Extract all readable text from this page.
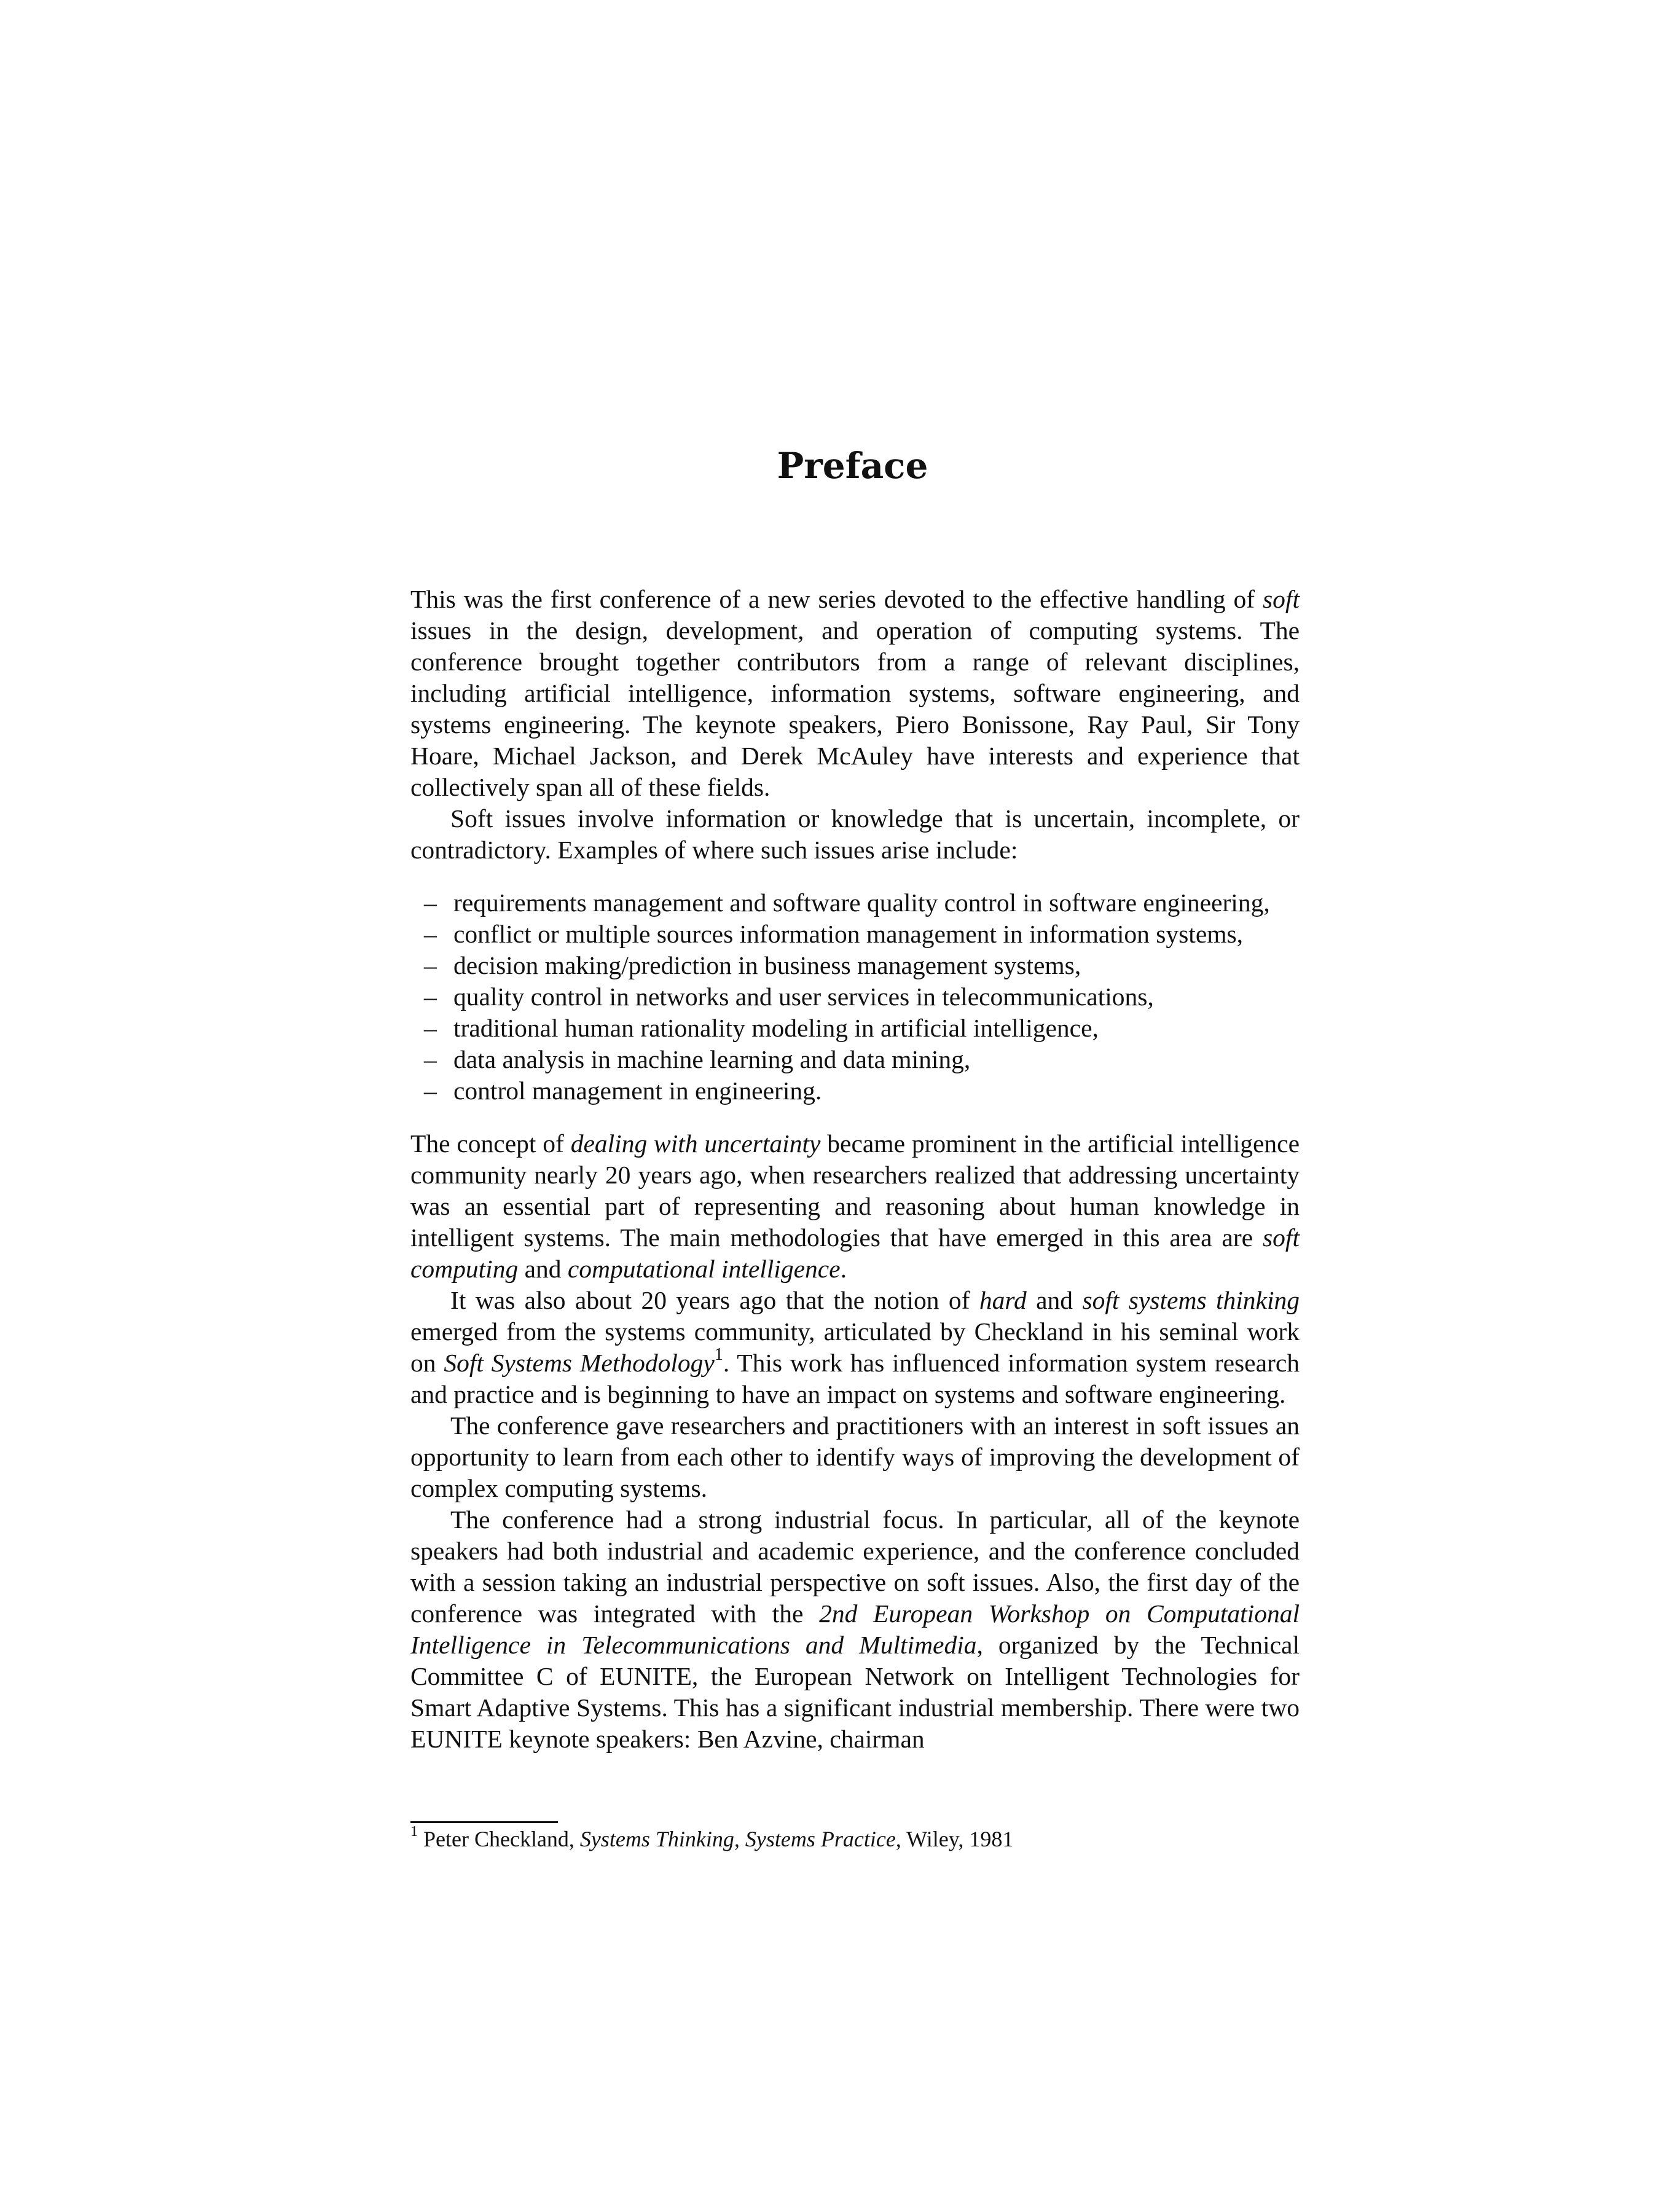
Preface

This was the first conference of a new series devoted to the effective handling of soft issues in the design, development, and operation of computing systems. The conference brought together contributors from a range of relevant disciplines, including artificial intelligence, information systems, software engineering, and systems engineering. The keynote speakers, Piero Bonissone, Ray Paul, Sir Tony Hoare, Michael Jackson, and Derek McAuley have interests and experience that collectively span all of these fields.

Soft issues involve information or knowledge that is uncertain, incomplete, or contradictory. Examples of where such issues arise include:

– requirements management and software quality control in software engineering,
– conflict or multiple sources information management in information systems,
– decision making/prediction in business management systems,
– quality control in networks and user services in telecommunications,
– traditional human rationality modeling in artificial intelligence,
– data analysis in machine learning and data mining,
– control management in engineering.

The concept of dealing with uncertainty became prominent in the artificial intelligence community nearly 20 years ago, when researchers realized that addressing uncertainty was an essential part of representing and reasoning about human knowledge in intelligent systems. The main methodologies that have emerged in this area are soft computing and computational intelligence.

It was also about 20 years ago that the notion of hard and soft systems thinking emerged from the systems community, articulated by Checkland in his seminal work on Soft Systems Methodology$^1$. This work has influenced information system research and practice and is beginning to have an impact on systems and software engineering.

The conference gave researchers and practitioners with an interest in soft issues an opportunity to learn from each other to identify ways of improving the development of complex computing systems.

The conference had a strong industrial focus. In particular, all of the keynote speakers had both industrial and academic experience, and the conference concluded with a session taking an industrial perspective on soft issues. Also, the first day of the conference was integrated with the 2nd European Workshop on Computational Intelligence in Telecommunications and Multimedia, organized by the Technical Committee C of EUNITE, the European Network on Intelligent Technologies for Smart Adaptive Systems. This has a significant industrial membership. There were two EUNITE keynote speakers: Ben Azvine, chairman

$^1$ Peter Checkland, Systems Thinking, Systems Practice, Wiley, 1981
